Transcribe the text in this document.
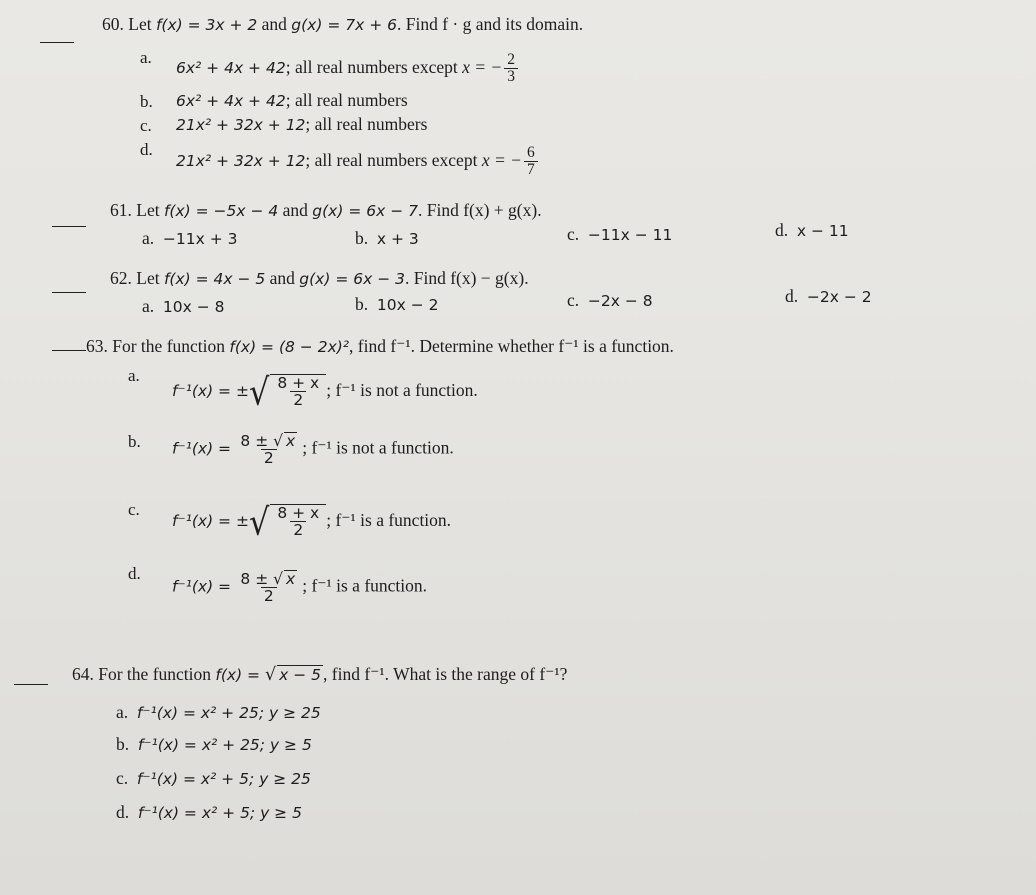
60. Let f(x) = 3x + 2 and g(x) = 7x + 6. Find f · g and its domain.
a.
6x² + 4x + 42; all real numbers except x = − $\frac{2}{3}$
b. 6x² + 4x + 42; all real numbers
c. 21x² + 32x + 12; all real numbers
d.
21x² + 32x + 12; all real numbers except x = − $\frac{6}{7}$
61. Let f(x) = −5x − 4 and g(x) = 6x − 7. Find f(x) + g(x).
a. −11x + 3	b. x + 3	c. −11x − 11	d. x − 11
62. Let f(x) = 4x − 5 and g(x) = 6x − 3. Find f(x) − g(x).
a. 10x − 8	b. 10x − 2	c. −2x − 8	d. −2x − 2
63. For the function f(x) = (8 − 2x)², find f⁻¹. Determine whether f⁻¹ is a function.
a.
f⁻¹(x) = ±√ $\frac{8 + x}{2}$ ; f⁻¹ is not a function.
b. $f^{-1}(x) = \frac{8 \pm √ x}{2}$ ; f⁻¹ is not a function.
c.
f⁻¹(x) = ±√ $\frac{8 + x}{2}$ ; f⁻¹ is a function.
d.
$f^{-1}(x) = \frac{8 \pm √ x}{2}$ ; f⁻¹ is a function.
64. For the function f(x) = √ x − 5 , find f⁻¹. What is the range of f⁻¹?
a. f⁻¹(x) = x² + 25; y ≥ 25
b. f⁻¹(x) = x² + 25; y ≥ 5
c. f⁻¹(x) = x² + 5; y ≥ 25
d. f⁻¹(x) = x² + 5; y ≥ 5
